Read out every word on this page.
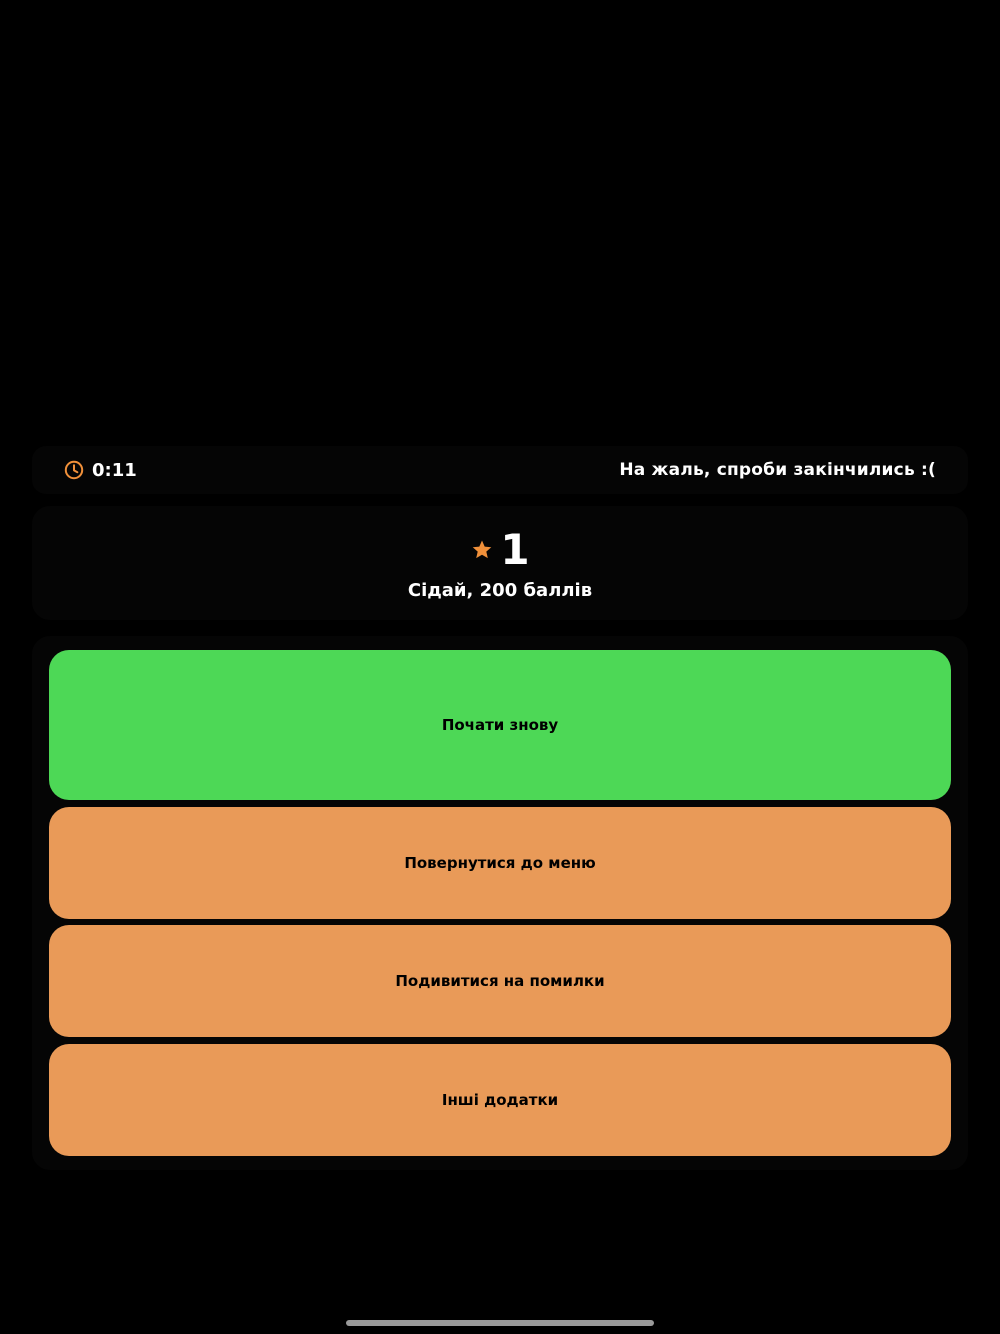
0:11	На жаль, спроби закінчились :(
1
Сідай, 200 баллів
Почати знову
Повернутися до меню
Подивитися на помилки
Інші додатки
